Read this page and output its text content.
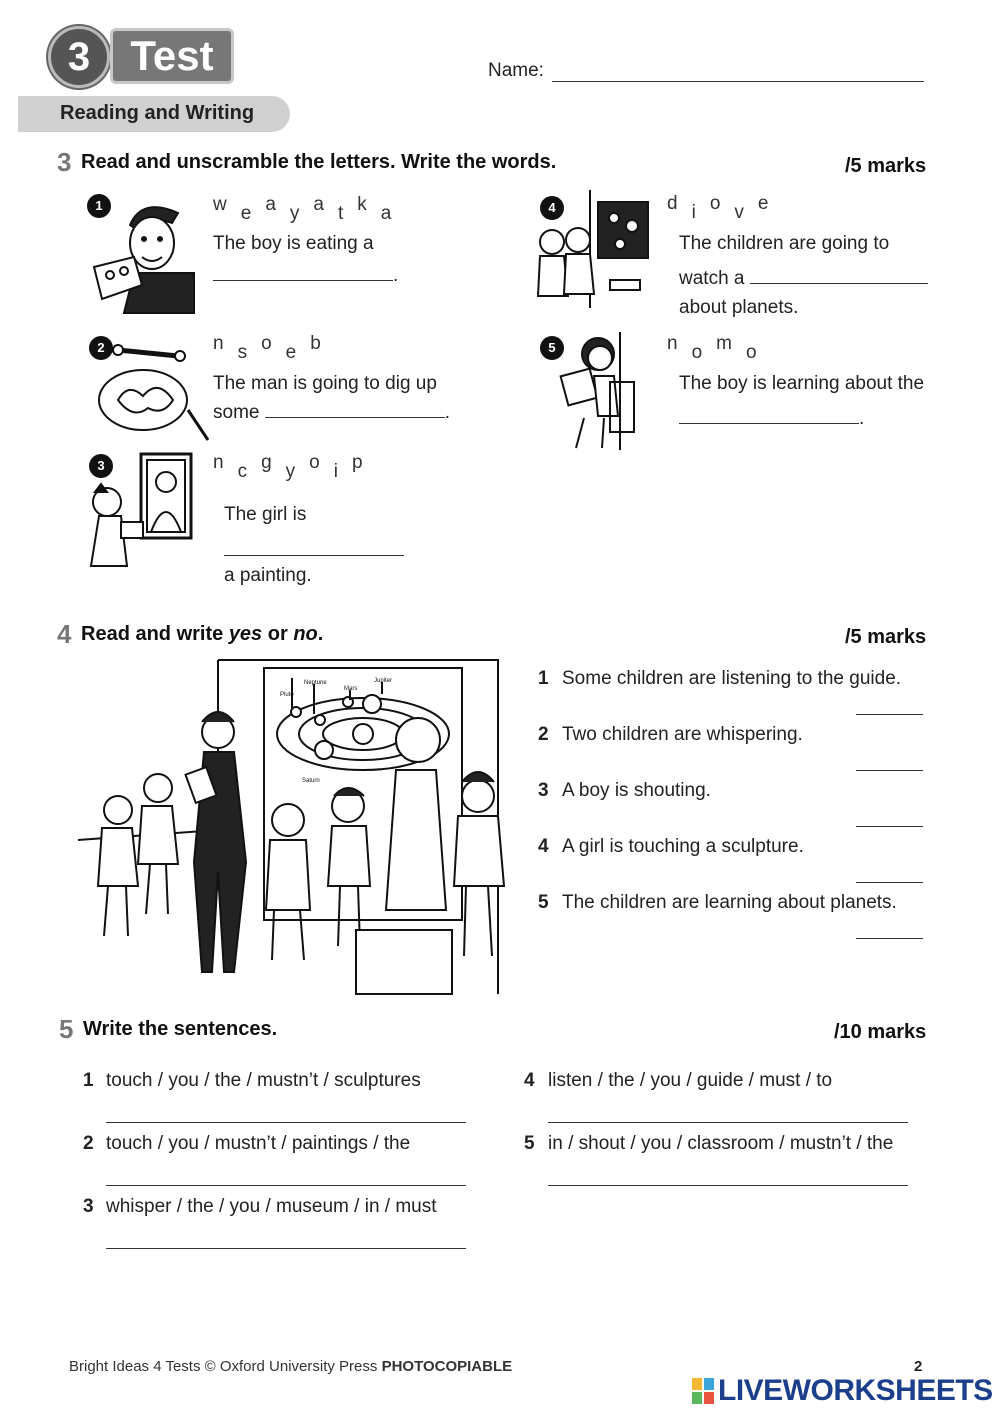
3 Test
Reading and Writing
Name:
3 Read and unscramble the letters. Write the words.	/5 marks
1	w e a y a t k a
The boy is eating a
.
2	n s o e b
The man is going to dig up
some	.
3	n c g y o i p
The girl is
a painting.
4	d i o v e
The children are going to
watch a
about planets.
5	n o m o
The boy is learning about the
.
4 Read and write yes or no.	/5 marks
Pluto
Neptune
Mars
Jupiter
Saturn
1 Some children are listening to the guide.
2 Two children are whispering.
3 A boy is shouting.
4 A girl is touching a sculpture.
5 The children are learning about planets.
5 Write the sentences.	/10 marks
1 touch / you / the / mustn’t / sculptures
2 touch / you / mustn’t / paintings / the
3 whisper / the / you / museum / in / must
4 listen / the / you / guide / must / to
5 in / shout / you / classroom / mustn’t / the
Bright Ideas 4 Tests © Oxford University Press PHOTOCOPIABLE	2
LIVEWORKSHEETS
